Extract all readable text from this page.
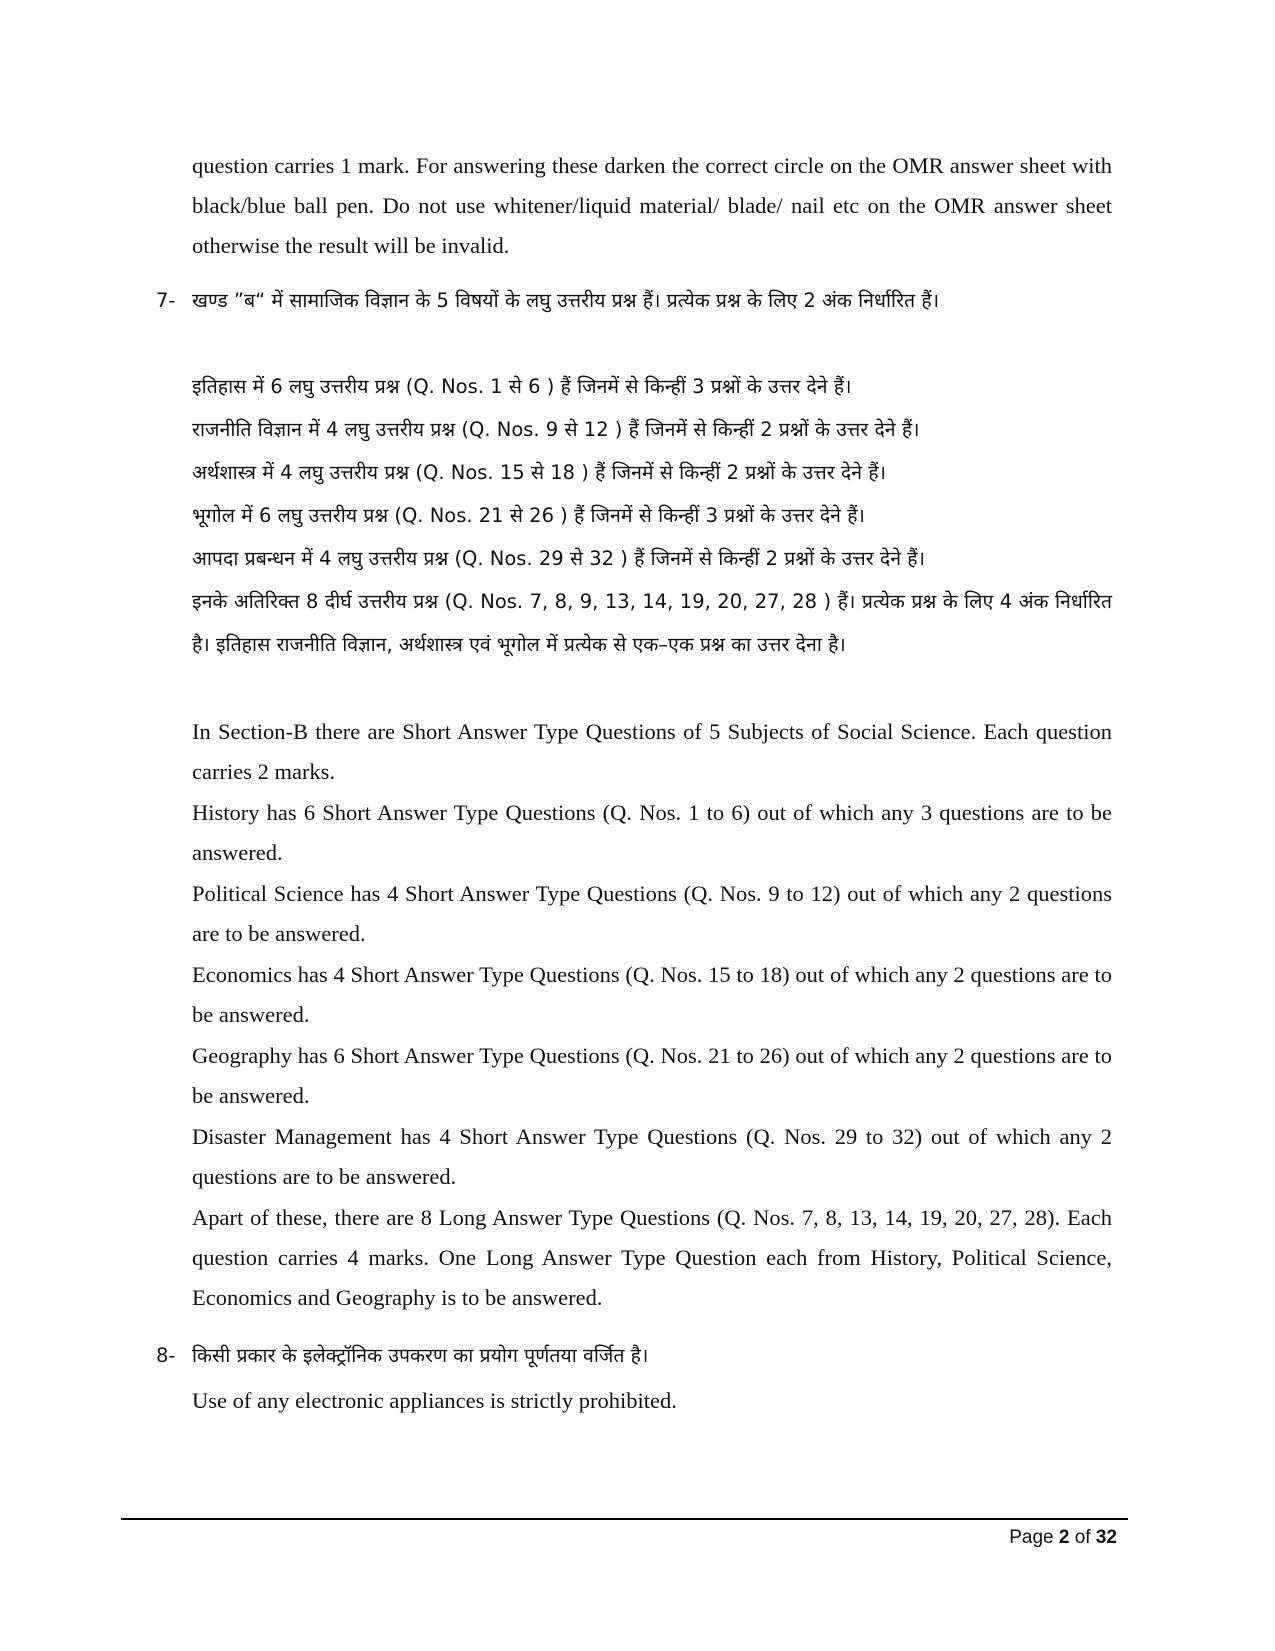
question carries 1 mark. For answering these darken the correct circle on the OMR answer sheet with black/blue ball pen. Do not use whitener/liquid material/ blade/ nail etc on the OMR answer sheet otherwise the result will be invalid.

7- खण्ड ”ब“ में सामाजिक विज्ञान के 5 विषयों के लघु उत्तरीय प्रश्न हैं। प्रत्येक प्रश्न के लिए 2 अंक निर्धारित हैं।

इतिहास में 6 लघु उत्तरीय प्रश्न (Q. Nos. 1 से 6 ) हैं जिनमें से किन्हीं 3 प्रश्नों के उत्तर देने हैं।

राजनीति विज्ञान में 4 लघु उत्तरीय प्रश्न (Q. Nos. 9 से 12 ) हैं जिनमें से किन्हीं 2 प्रश्नों के उत्तर देने हैं।

अर्थशास्त्र में 4 लघु उत्तरीय प्रश्न (Q. Nos. 15 से 18 ) हैं जिनमें से किन्हीं 2 प्रश्नों के उत्तर देने हैं।

भूगोल में 6 लघु उत्तरीय प्रश्न (Q. Nos. 21 से 26 ) हैं जिनमें से किन्हीं 3 प्रश्नों के उत्तर देने हैं।

आपदा प्रबन्धन में 4 लघु उत्तरीय प्रश्न (Q. Nos. 29 से 32 ) हैं जिनमें से किन्हीं 2 प्रश्नों के उत्तर देने हैं।

इनके अतिरिक्त 8 दीर्घ उत्तरीय प्रश्न (Q. Nos. 7, 8, 9, 13, 14, 19, 20, 27, 28 ) हैं। प्रत्येक प्रश्न के लिए 4 अंक निर्धारित है। इतिहास राजनीति विज्ञान, अर्थशास्त्र एवं भूगोल में प्रत्येक से एक–एक प्रश्न का उत्तर देना है।

In Section-B there are Short Answer Type Questions of 5 Subjects of Social Science. Each question carries 2 marks.

History has 6 Short Answer Type Questions (Q. Nos. 1 to 6) out of which any 3 questions are to be answered.

Political Science has 4 Short Answer Type Questions (Q. Nos. 9 to 12) out of which any 2 questions are to be answered.

Economics has 4 Short Answer Type Questions (Q. Nos. 15 to 18) out of which any 2 questions are to be answered.

Geography has 6 Short Answer Type Questions (Q. Nos. 21 to 26) out of which any 2 questions are to be answered.

Disaster Management has 4 Short Answer Type Questions (Q. Nos. 29 to 32) out of which any 2 questions are to be answered.

Apart of these, there are 8 Long Answer Type Questions (Q. Nos. 7, 8, 13, 14, 19, 20, 27, 28). Each question carries 4 marks. One Long Answer Type Question each from History, Political Science, Economics and Geography is to be answered.

8- किसी प्रकार के इलेक्ट्रॉनिक उपकरण का प्रयोग पूर्णतया वर्जित है।

Use of any electronic appliances is strictly prohibited.

Page 2 of 32
